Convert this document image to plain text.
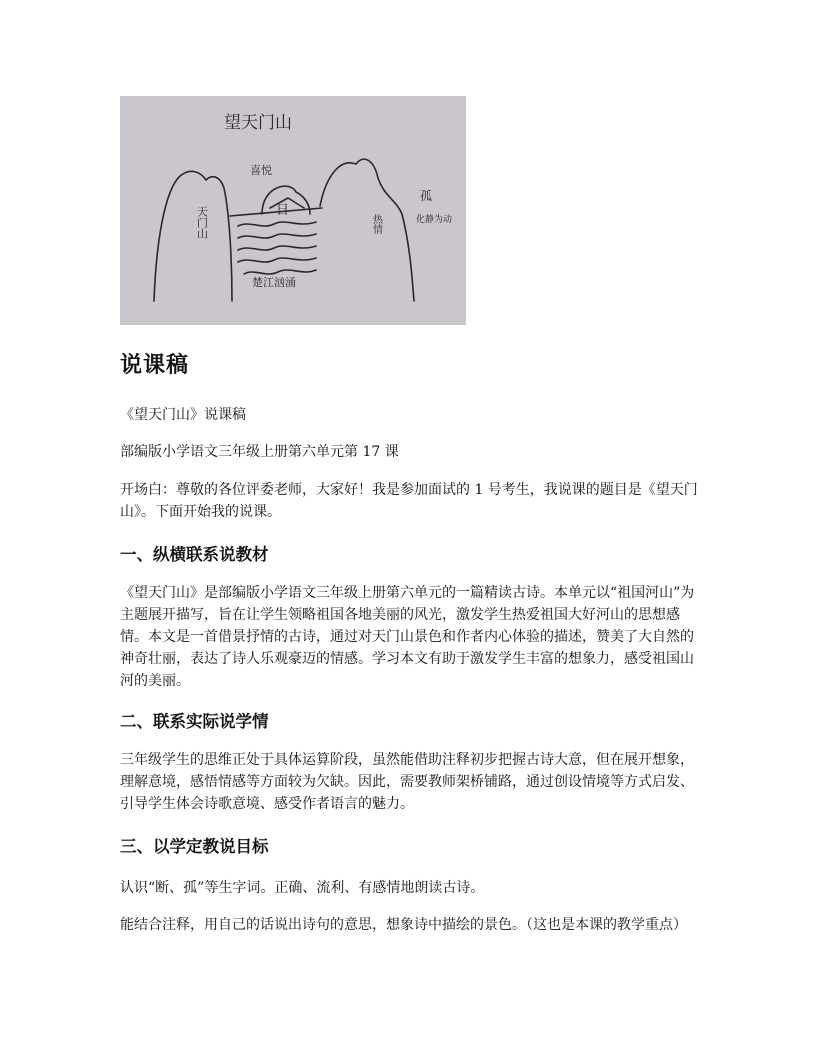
望天门山
喜悦
日
热情
天门山
孤
化静为动
楚江汹涌
说课稿

《望天门山》说课稿

部编版小学语文三年级上册第六单元第 17 课

开场白：尊敬的各位评委老师，大家好！我是参加面试的 1 号考生，我说课的题目是《望天门山》。下面开始我的说课。

一、纵横联系说教材

《望天门山》是部编版小学语文三年级上册第六单元的一篇精读古诗。本单元以“祖国河山”为主题展开描写，旨在让学生领略祖国各地美丽的风光，激发学生热爱祖国大好河山的思想感情。本文是一首借景抒情的古诗，通过对天门山景色和作者内心体验的描述，赞美了大自然的神奇壮丽，表达了诗人乐观豪迈的情感。学习本文有助于激发学生丰富的想象力，感受祖国山河的美丽。

二、联系实际说学情

三年级学生的思维正处于具体运算阶段，虽然能借助注释初步把握古诗大意，但在展开想象， 理解意境，感悟情感等方面较为欠缺。因此，需要教师架桥铺路，通过创设情境等方式启发、引导学生体会诗歌意境、感受作者语言的魅力。

三、以学定教说目标

认识“断、孤”等生字词。正确、流利、有感情地朗读古诗。

能结合注释，用自己的话说出诗句的意思，想象诗中描绘的景色。（这也是本课的教学重点）
